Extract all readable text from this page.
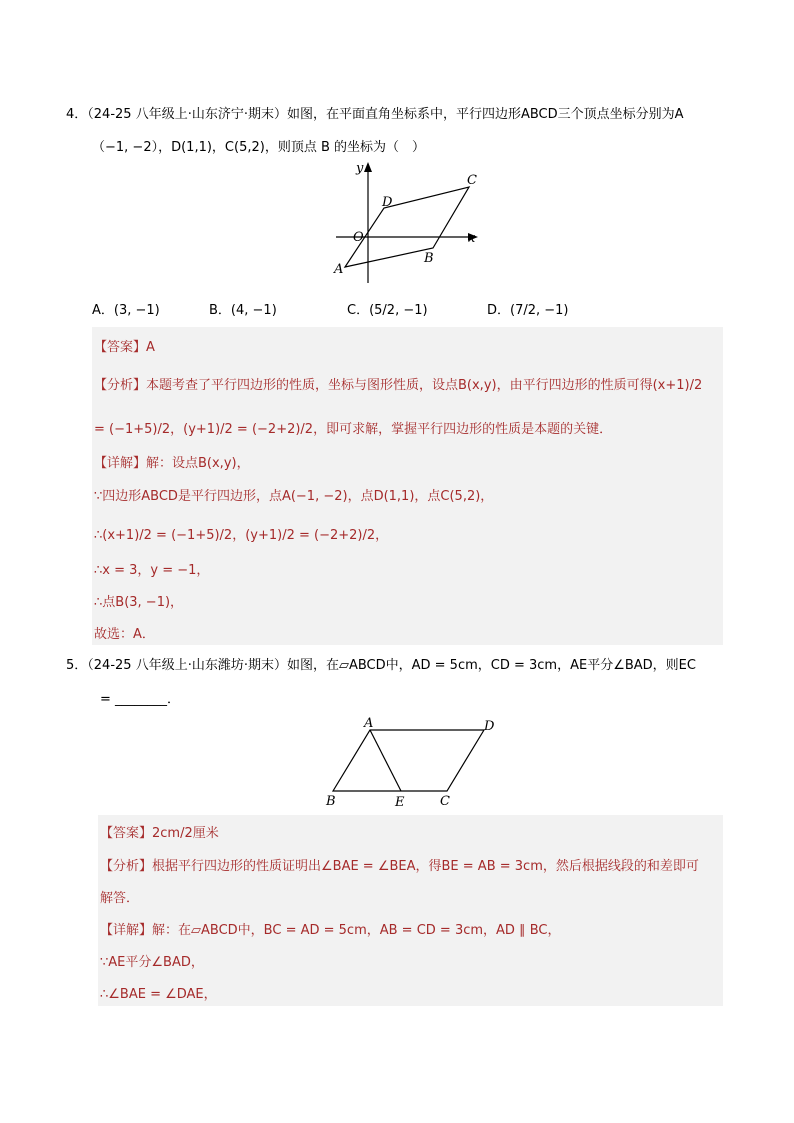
4．（24-25 八年级上·山东济宁·期末）如图，在平面直角坐标系中，平行四边形ABCD三个顶点坐标分别为A
（−1, −2），D(1,1)，C(5,2)，则顶点 B 的坐标为（　）
y
x
O
A
B
C
D
A．(3, −1)	B．(4, −1)	C．(5/2, −1)	D．(7/2, −1)
【答案】A
【分析】本题考查了平行四边形的性质，坐标与图形性质，设点B(x,y)，由平行四边形的性质可得(x+1)/2
= (−1+5)/2，(y+1)/2 = (−2+2)/2，即可求解，掌握平行四边形的性质是本题的关键．
【详解】解：设点B(x,y)，
∵四边形ABCD是平行四边形，点A(−1, −2)，点D(1,1)，点C(5,2)，
∴(x+1)/2 = (−1+5)/2，(y+1)/2 = (−2+2)/2，
∴x = 3，y = −1，
∴点B(3, −1)，
故选：A．
5．（24-25 八年级上·山东潍坊·期末）如图，在▱ABCD中，AD = 5cm，CD = 3cm，AE平分∠BAD，则EC
= ________．
A	D
B	E	C
【答案】2cm/2厘米
【分析】根据平行四边形的性质证明出∠BAE = ∠BEA，得BE = AB = 3cm，然后根据线段的和差即可
解答．
【详解】解：在▱ABCD中，BC = AD = 5cm，AB = CD = 3cm，AD ∥ BC，
∵AE平分∠BAD，
∴∠BAE = ∠DAE，
